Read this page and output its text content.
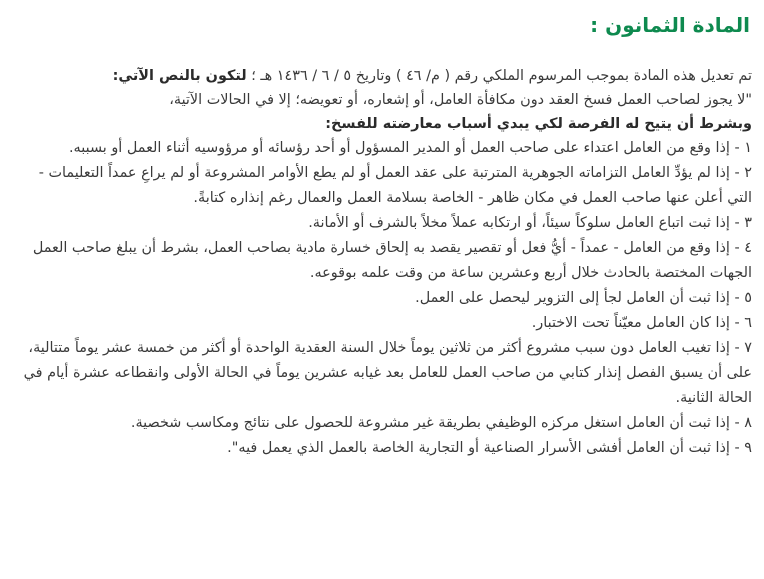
المادة الثمانون :
تم تعديل هذه المادة بموجب المرسوم الملكي رقم ( م/ ٤٦ ) وتاريخ ٥ / ٦ / ١٤٣٦ هـ ؛ لتكون بالنص الآتي:
"لا يجوز لصاحب العمل فسخ العقد دون مكافأة العامل، أو إشعاره، أو تعويضه؛ إلا في الحالات الآتية،
وبشرط أن يتيح له الفرصة لكي يبدي أسباب معارضته للفسخ:
١ - إذا وقع من العامل اعتداء على صاحب العمل أو المدير المسؤول أو أحد رؤسائه أو مرؤوسيه أثناء العمل أو بسببه.
٢ - إذا لم يؤدِّ العامل التزاماته الجوهرية المترتبة على عقد العمل أو لم يطع الأوامر المشروعة أو لم يراعِ عمداً التعليمات - التي أعلن عنها صاحب العمل في مكان ظاهر - الخاصة بسلامة العمل والعمال رغم إنذاره كتابةً.
٣ - إذا ثبت اتباع العامل سلوكاً سيئاً، أو ارتكابه عملاً مخلاً بالشرف أو الأمانة.
٤ - إذا وقع من العامل - عمداً - أيُّ فعل أو تقصير يقصد به إلحاق خسارة مادية بصاحب العمل، بشرط أن يبلغ صاحب العمل الجهات المختصة بالحادث خلال أربع وعشرين ساعة من وقت علمه بوقوعه.
٥ - إذا ثبت أن العامل لجأ إلى التزوير ليحصل على العمل.
٦ - إذا كان العامل معيّناً تحت الاختبار.
٧ - إذا تغيب العامل دون سبب مشروع أكثر من ثلاثين يوماً خلال السنة العقدية الواحدة أو أكثر من خمسة عشر يوماً متتالية، على أن يسبق الفصل إنذار كتابي من صاحب العمل للعامل بعد غيابه عشرين يوماً في الحالة الأولى وانقطاعه عشرة أيام في الحالة الثانية.
٨ - إذا ثبت أن العامل استغل مركزه الوظيفي بطريقة غير مشروعة للحصول على نتائج ومكاسب شخصية.
٩ - إذا ثبت أن العامل أفشى الأسرار الصناعية أو التجارية الخاصة بالعمل الذي يعمل فيه".
